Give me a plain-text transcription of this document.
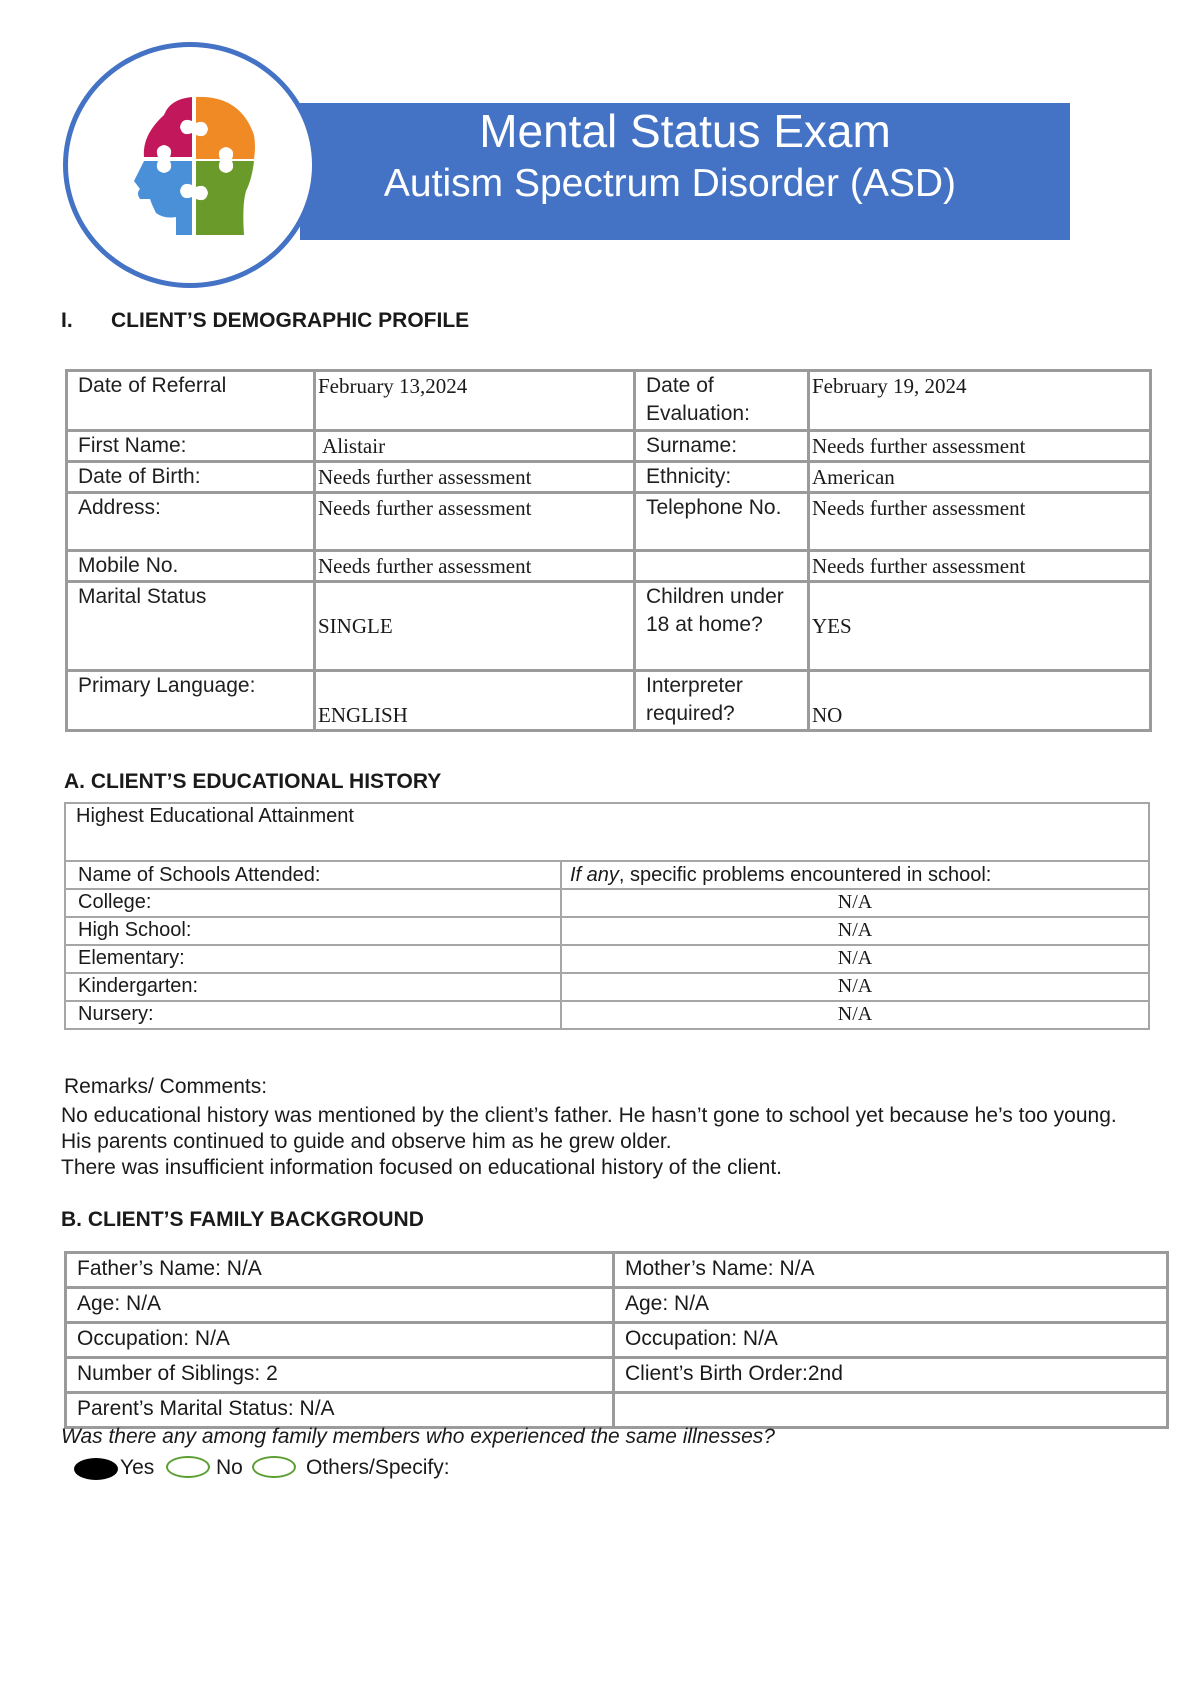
Mental Status Exam
Autism Spectrum Disorder (ASD)
I. CLIENT’S DEMOGRAPHIC PROFILE
Date of Referral	February 13,2024	Date of Evaluation:	February 19, 2024
First Name:	Alistair	Surname:	Needs further assessment
Date of Birth:	Needs further assessment	Ethnicity:	American
Address:	Needs further assessment	Telephone No.	Needs further assessment
Mobile No.	Needs further assessment		Needs further assessment
Marital Status	SINGLE	Children under 18 at home?	YES
Primary Language:	ENGLISH	Interpreter required?	NO
A. CLIENT’S EDUCATIONAL HISTORY
Highest Educational Attainment	
Name of Schools Attended:	If any, specific problems encountered in school:
College:	N/A
High School:	N/A
Elementary:	N/A
Kindergarten:	N/A
Nursery:	N/A
Remarks/ Comments:
No educational history was mentioned by the client’s father. He hasn’t gone to school yet because he’s too young. His parents continued to guide and observe him as he grew older.
There was insufficient information focused on educational history of the client.
B. CLIENT’S FAMILY BACKGROUND
Father’s Name: N/A	Mother’s Name: N/A
Age: N/A	Age: N/A
Occupation: N/A	Occupation: N/A
Number of Siblings: 2	Client’s Birth Order:2nd
Parent’s Marital Status: N/A	
Was there any among family members who experienced the same illnesses?
Yes	No	Others/Specify:
